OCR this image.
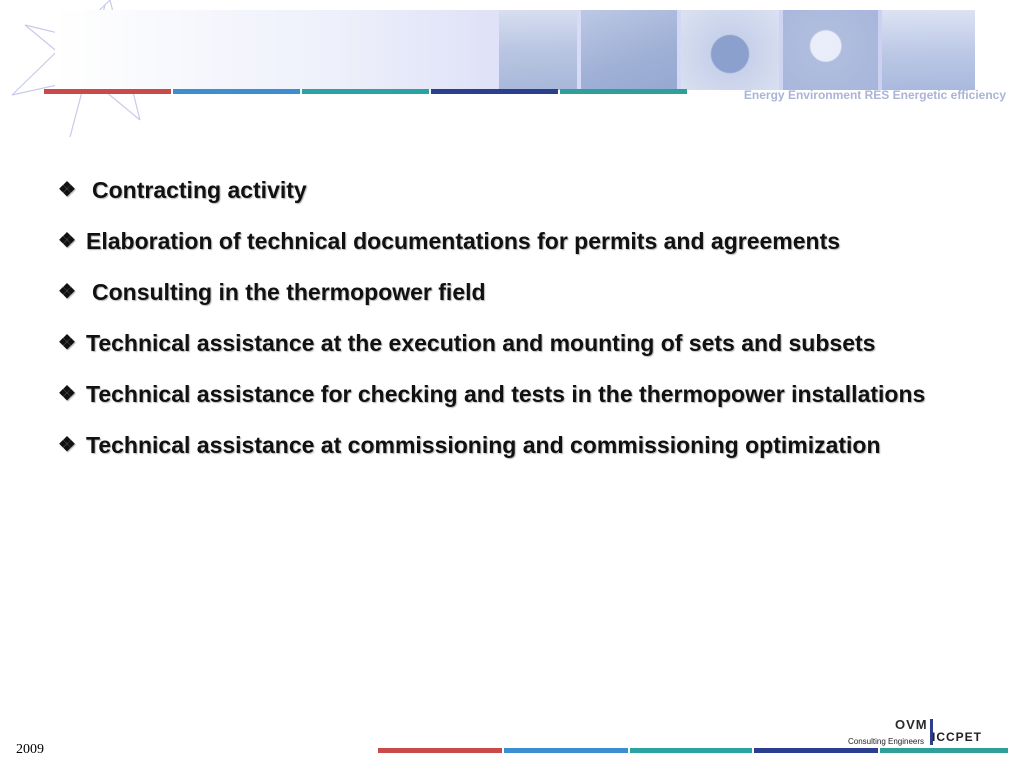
Energy Environment RES Energetic efficiency
❖ Contracting activity
❖ Elaboration of technical documentations for permits and agreements
❖ Consulting in the thermopower field
❖ Technical assistance at the execution and mounting of sets and subsets
❖ Technical assistance for checking and tests in the thermopower installations
❖ Technical assistance at commissioning and commissioning optimization
2009
OVM
Consulting Engineers ICCPET
